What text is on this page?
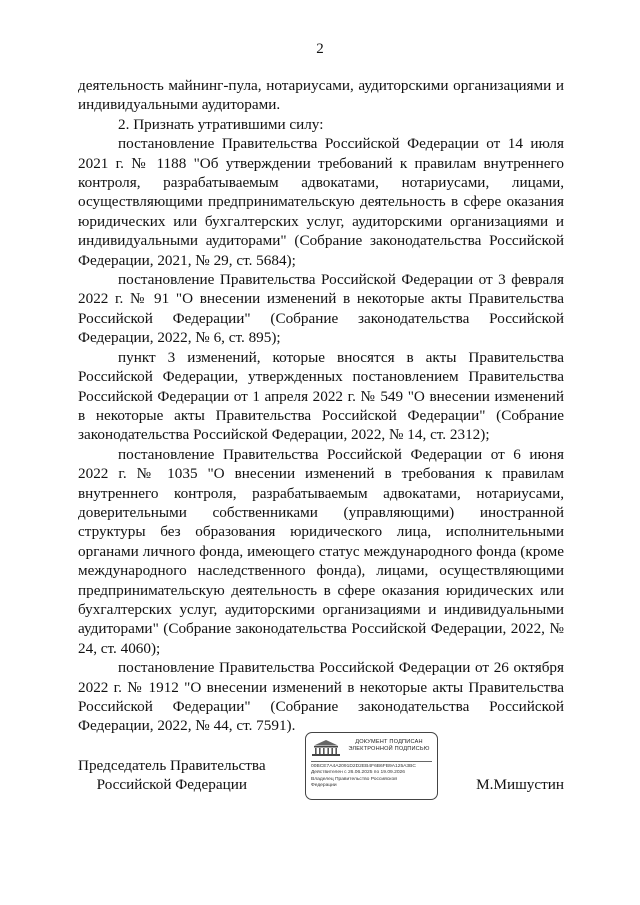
2

деятельность майнинг-пула, нотариусами, аудиторскими организациями и индивидуальными аудиторами.

2. Признать утратившими силу:

постановление Правительства Российской Федерации от 14 июля 2021 г. № 1188 "Об утверждении требований к правилам внутреннего контроля, разрабатываемым адвокатами, нотариусами, лицами, осуществляющими предпринимательскую деятельность в сфере оказания юридических или бухгалтерских услуг, аудиторскими организациями и индивидуальными аудиторами" (Собрание законодательства Российской Федерации, 2021, № 29, ст. 5684);

постановление Правительства Российской Федерации от 3 февраля 2022 г. № 91 "О внесении изменений в некоторые акты Правительства Российской Федерации" (Собрание законодательства Российской Федерации, 2022, № 6, ст. 895);

пункт 3 изменений, которые вносятся в акты Правительства Российской Федерации, утвержденных постановлением Правительства Российской Федерации от 1 апреля 2022 г. № 549 "О внесении изменений в некоторые акты Правительства Российской Федерации" (Собрание законодательства Российской Федерации, 2022, № 14, ст. 2312);

постановление Правительства Российской Федерации от 6 июня 2022 г. № 1035 "О внесении изменений в требования к правилам внутреннего контроля, разрабатываемым адвокатами, нотариусами, доверительными собственниками (управляющими) иностранной структуры без образования юридического лица, исполнительными органами личного фонда, имеющего статус международного фонда (кроме международного наследственного фонда), лицами, осуществляющими предпринимательскую деятельность в сфере оказания юридических или бухгалтерских услуг, аудиторскими организациями и индивидуальными аудиторами" (Собрание законодательства Российской Федерации, 2022, № 24, ст. 4060);

постановление Правительства Российской Федерации от 26 октября 2022 г. № 1912 "О внесении изменений в некоторые акты Правительства Российской Федерации" (Собрание законодательства Российской Федерации, 2022, № 44, ст. 7591).

Председатель Правительства
Российской Федерации
ДОКУМЕНТ ПОДПИСАН
ЭЛЕКТРОННОЙ ПОДПИСЬЮ
00BCE7A4A2091D2D2EB4F6B6FB9A125A3BC
Действителен с 26.06.2025 по 19.09.2026
Владелец Правительство Российской
Федерации	М.Мишустин
